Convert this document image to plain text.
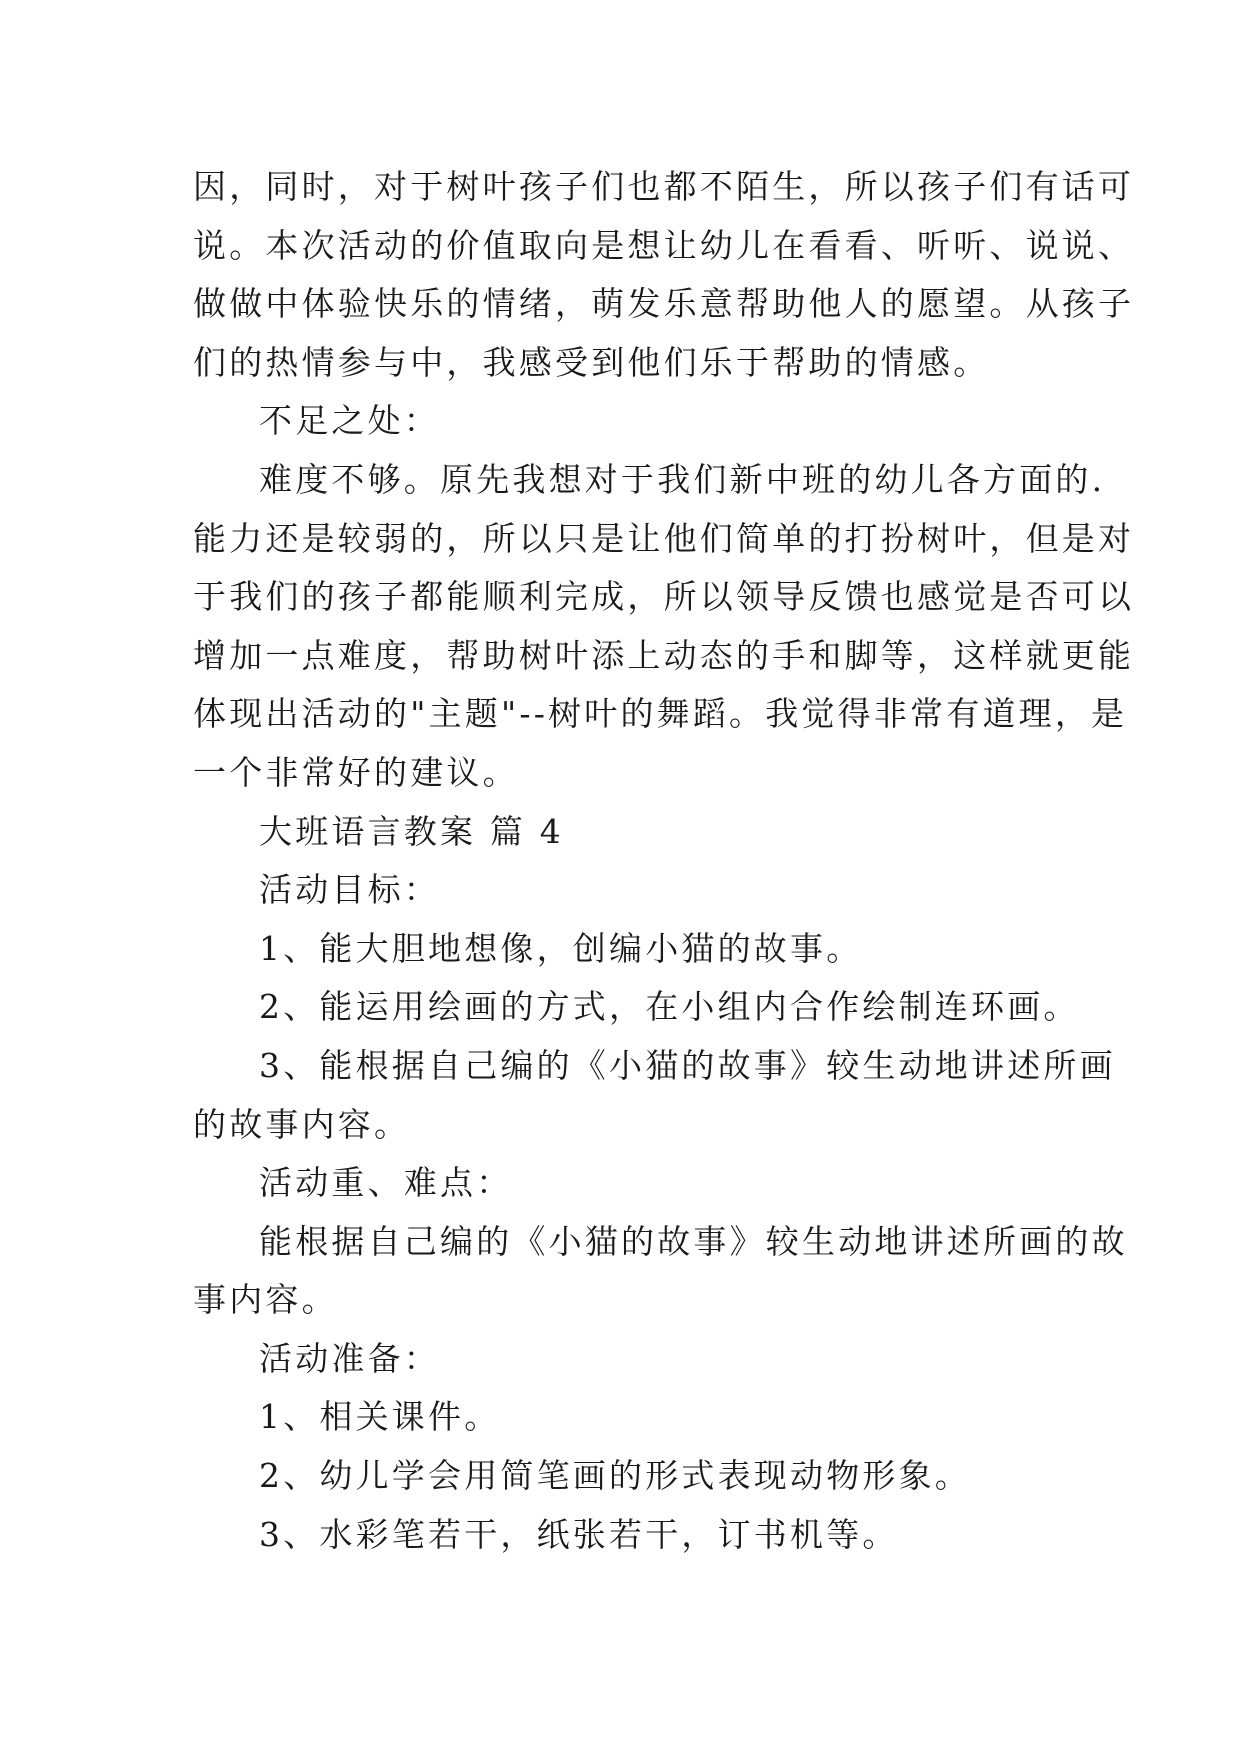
因，同时，对于树叶孩子们也都不陌生，所以孩子们有话可

说。本次活动的价值取向是想让幼儿在看看、听听、说说、

做做中体验快乐的情绪，萌发乐意帮助他人的愿望。从孩子

们的热情参与中，我感受到他们乐于帮助的情感。

不足之处：

难度不够。原先我想对于我们新中班的幼儿各方面的.

能力还是较弱的，所以只是让他们简单的打扮树叶，但是对

于我们的孩子都能顺利完成，所以领导反馈也感觉是否可以

增加一点难度，帮助树叶添上动态的手和脚等，这样就更能

体现出活动的"主题"--树叶的舞蹈。我觉得非常有道理，是

一个非常好的建议。

大班语言教案 篇 4

活动目标：

1、能大胆地想像，创编小猫的故事。

2、能运用绘画的方式，在小组内合作绘制连环画。

3、能根据自己编的《小猫的故事》较生动地讲述所画

的故事内容。

活动重、难点：

能根据自己编的《小猫的故事》较生动地讲述所画的故

事内容。

活动准备：

1、相关课件。

2、幼儿学会用简笔画的形式表现动物形象。

3、水彩笔若干，纸张若干，订书机等。
